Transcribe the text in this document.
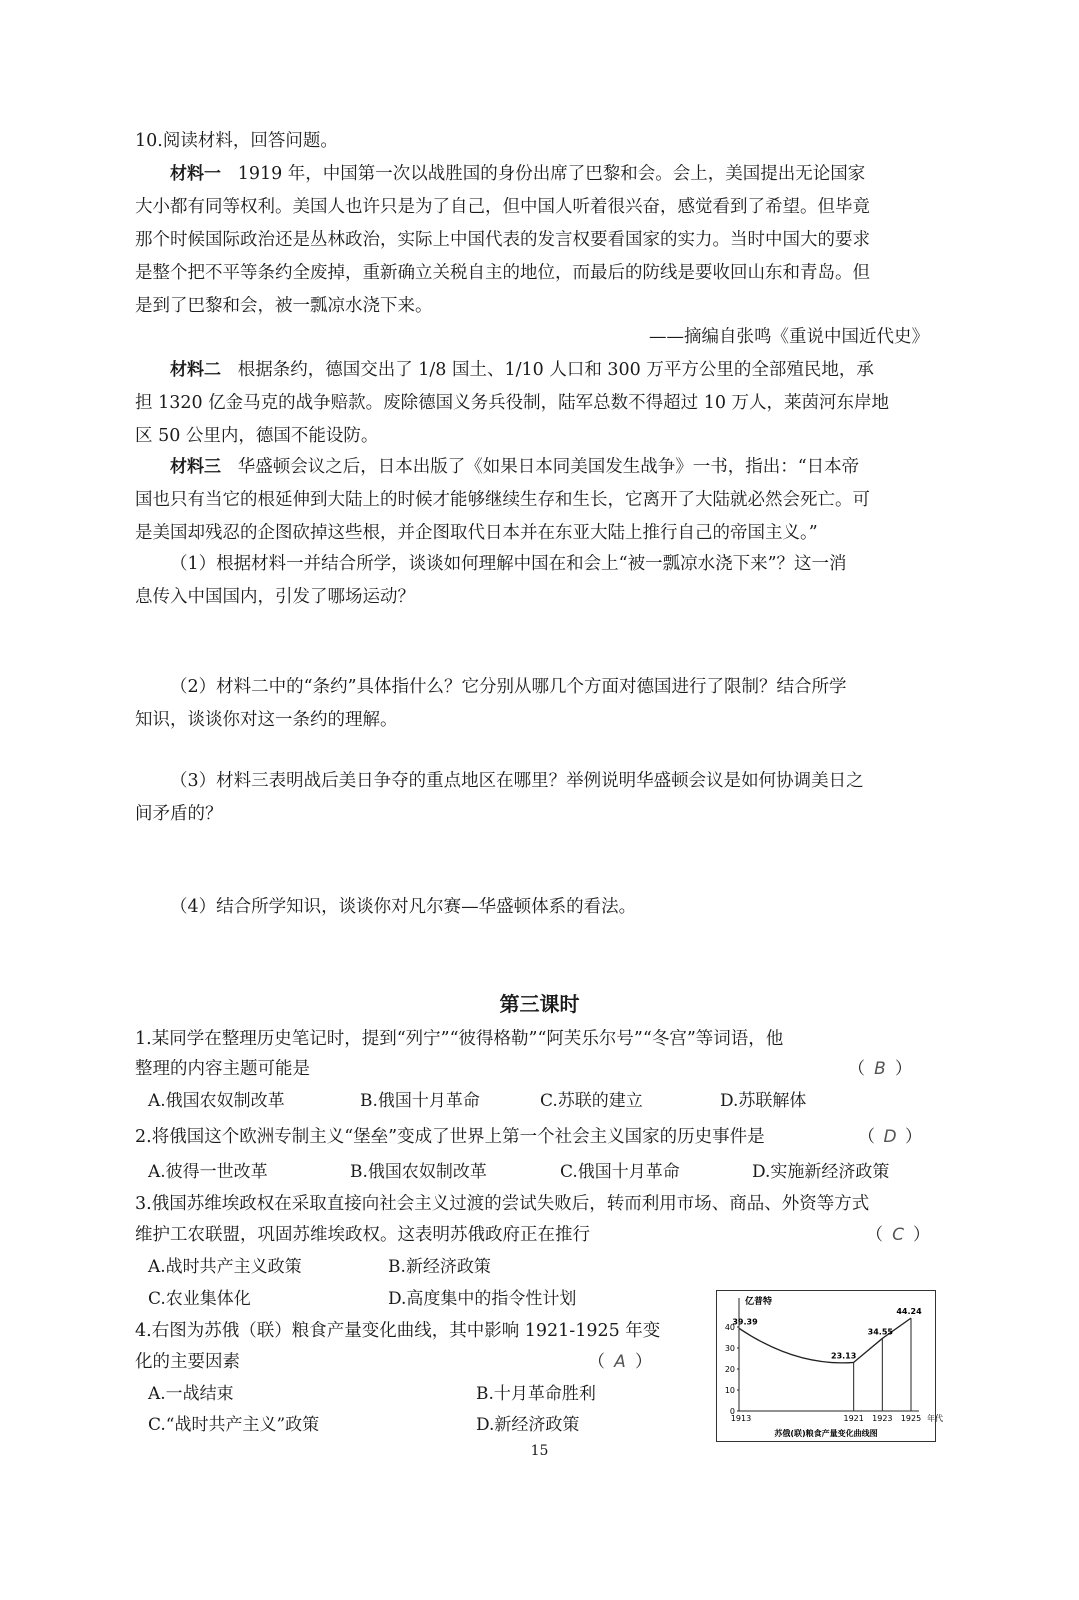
10.阅读材料，回答问题。
材料一 1919 年，中国第一次以战胜国的身份出席了巴黎和会。会上，美国提出无论国家
大小都有同等权利。美国人也许只是为了自己，但中国人听着很兴奋，感觉看到了希望。但毕竟
那个时候国际政治还是丛林政治，实际上中国代表的发言权要看国家的实力。当时中国大的要求
是整个把不平等条约全废掉，重新确立关税自主的地位，而最后的防线是要收回山东和青岛。但
是到了巴黎和会，被一瓢凉水浇下来。
——摘编自张鸣《重说中国近代史》
材料二 根据条约，德国交出了 1/8 国土、1/10 人口和 300 万平方公里的全部殖民地，承
担 1320 亿金马克的战争赔款。废除德国义务兵役制，陆军总数不得超过 10 万人，莱茵河东岸地
区 50 公里内，德国不能设防。
材料三 华盛顿会议之后，日本出版了《如果日本同美国发生战争》一书，指出：“日本帝
国也只有当它的根延伸到大陆上的时候才能够继续生存和生长，它离开了大陆就必然会死亡。可
是美国却残忍的企图砍掉这些根，并企图取代日本并在东亚大陆上推行自己的帝国主义。”
（1）根据材料一并结合所学，谈谈如何理解中国在和会上“被一瓢凉水浇下来”？这一消
息传入中国国内，引发了哪场运动？
（2）材料二中的“条约”具体指什么？它分别从哪几个方面对德国进行了限制？结合所学
知识，谈谈你对这一条约的理解。
（3）材料三表明战后美日争夺的重点地区在哪里？举例说明华盛顿会议是如何协调美日之
间矛盾的？
（4）结合所学知识，谈谈你对凡尔赛—华盛顿体系的看法。
第三课时
1.某同学在整理历史笔记时，提到“列宁”“彼得格勒”“阿芙乐尔号”“冬宫”等词语，他
整理的内容主题可能是	（ B ）
A.俄国农奴制改革	B.俄国十月革命	C.苏联的建立	D.苏联解体
2.将俄国这个欧洲专制主义“堡垒”变成了世界上第一个社会主义国家的历史事件是	（ D ）
A.彼得一世改革	B.俄国农奴制改革	C.俄国十月革命	D.实施新经济政策
3.俄国苏维埃政权在采取直接向社会主义过渡的尝试失败后，转而利用市场、商品、外资等方式
维护工农联盟，巩固苏维埃政权。这表明苏俄政府正在推行	（ C ）
A.战时共产主义政策	B.新经济政策
C.农业集体化	D.高度集中的指令性计划
4.右图为苏俄（联）粮食产量变化曲线，其中影响 1921-1925 年变
化的主要因素	（ A ）
A.一战结束	B.十月革命胜利
C.“战时共产主义”政策	D.新经济政策
亿普特
0
10
20
30
40
1913	1921 1923 1925 年代
39.39
23.13
34.55
44.24
苏俄(联)粮食产量变化曲线图
15
